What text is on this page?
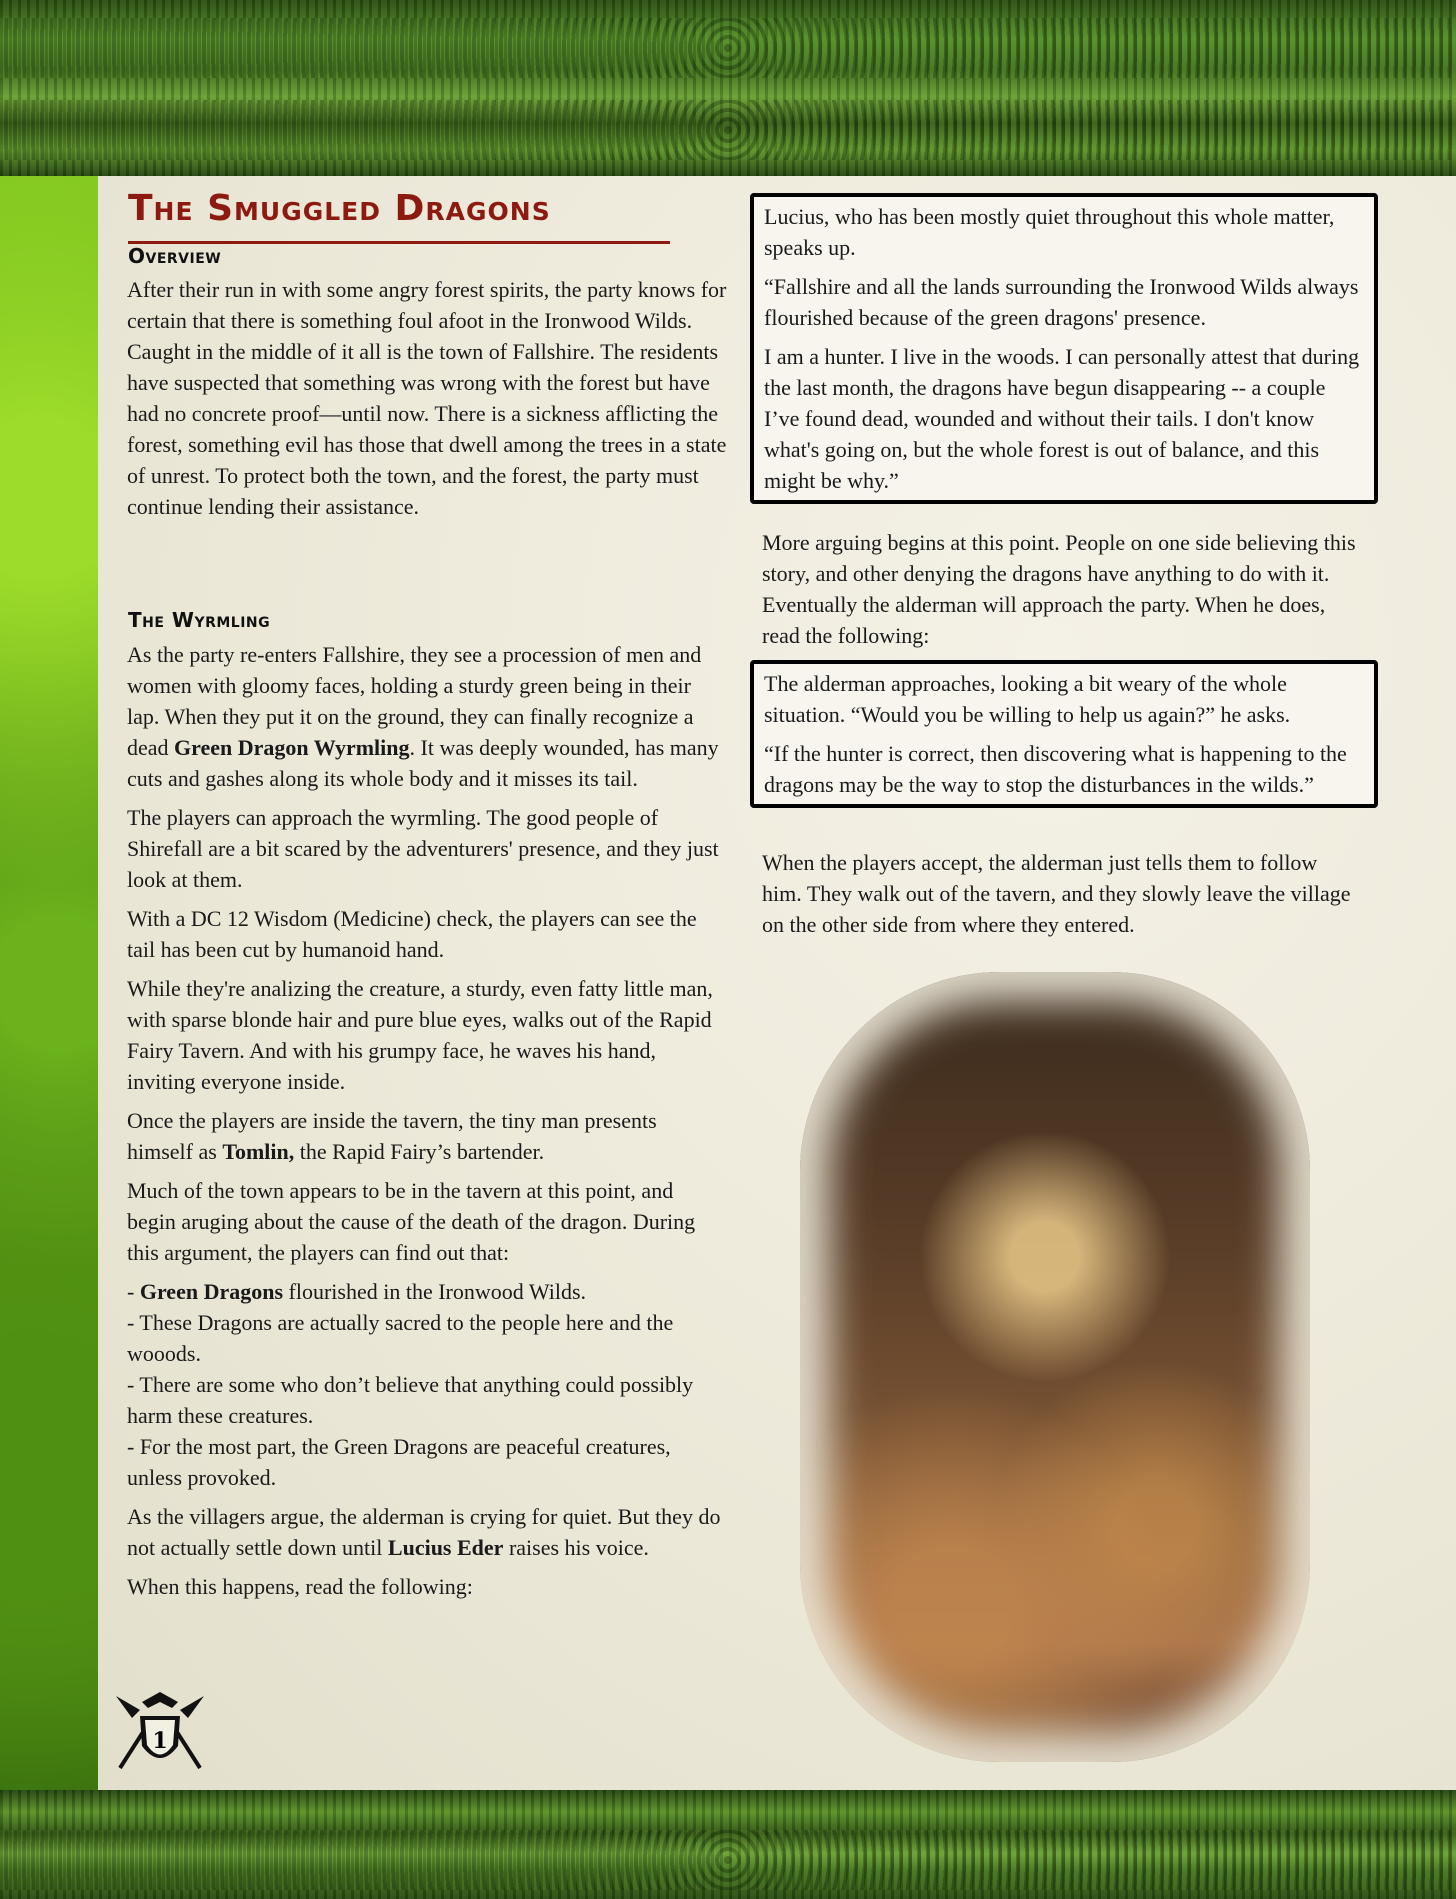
The Smuggled Dragons
Overview

After their run in with some angry forest spirits, the party knows for certain that there is something foul afoot in the Ironwood Wilds. Caught in the middle of it all is the town of Fallshire. The residents have suspected that something was wrong with the forest but have had no concrete proof—until now. There is a sickness afflicting the forest, something evil has those that dwell among the trees in a state of unrest. To protect both the town, and the forest, the party must continue lending their assistance.

The Wyrmling

As the party re-enters Fallshire, they see a procession of men and women with gloomy faces, holding a sturdy green being in their lap. When they put it on the ground, they can finally recognize a dead Green Dragon Wyrmling. It was deeply wounded, has many cuts and gashes along its whole body and it misses its tail.

The players can approach the wyrmling. The good people of Shirefall are a bit scared by the adventurers' presence, and they just look at them.

With a DC 12 Wisdom (Medicine) check, the players can see the tail has been cut by humanoid hand.

While they're analizing the creature, a sturdy, even fatty little man, with sparse blonde hair and pure blue eyes, walks out of the Rapid Fairy Tavern. And with his grumpy face, he waves his hand, inviting everyone inside.

Once the players are inside the tavern, the tiny man presents himself as Tomlin, the Rapid Fairy’s bartender.

Much of the town appears to be in the tavern at this point, and begin aruging about the cause of the death of the dragon. During this argument, the players can find out that:

- Green Dragons flourished in the Ironwood Wilds.
- These Dragons are actually sacred to the people here and the wooods.
- There are some who don’t believe that anything could possibly harm these creatures.
- For the most part, the Green Dragons are peaceful creatures, unless provoked.

As the villagers argue, the alderman is crying for quiet. But they do not actually settle down until Lucius Eder raises his voice.

When this happens, read the following:

Lucius, who has been mostly quiet throughout this whole matter, speaks up.

“Fallshire and all the lands surrounding the Ironwood Wilds always flourished because of the green dragons' presence.

I am a hunter. I live in the woods. I can personally attest that during the last month, the dragons have begun disappearing -- a couple I’ve found dead, wounded and without their tails. I don't know what's going on, but the whole forest is out of balance, and this might be why.”

More arguing begins at this point. People on one side believing this story, and other denying the dragons have anything to do with it. Eventually the alderman will approach the party. When he does, read the following:

The alderman approaches, looking a bit weary of the whole situation. “Would you be willing to help us again?” he asks.

“If the hunter is correct, then discovering what is happening to the dragons may be the way to stop the disturbances in the wilds.”

When the players accept, the alderman just tells them to follow him. They walk out of the tavern, and they slowly leave the village on the other side from where they entered.

1
